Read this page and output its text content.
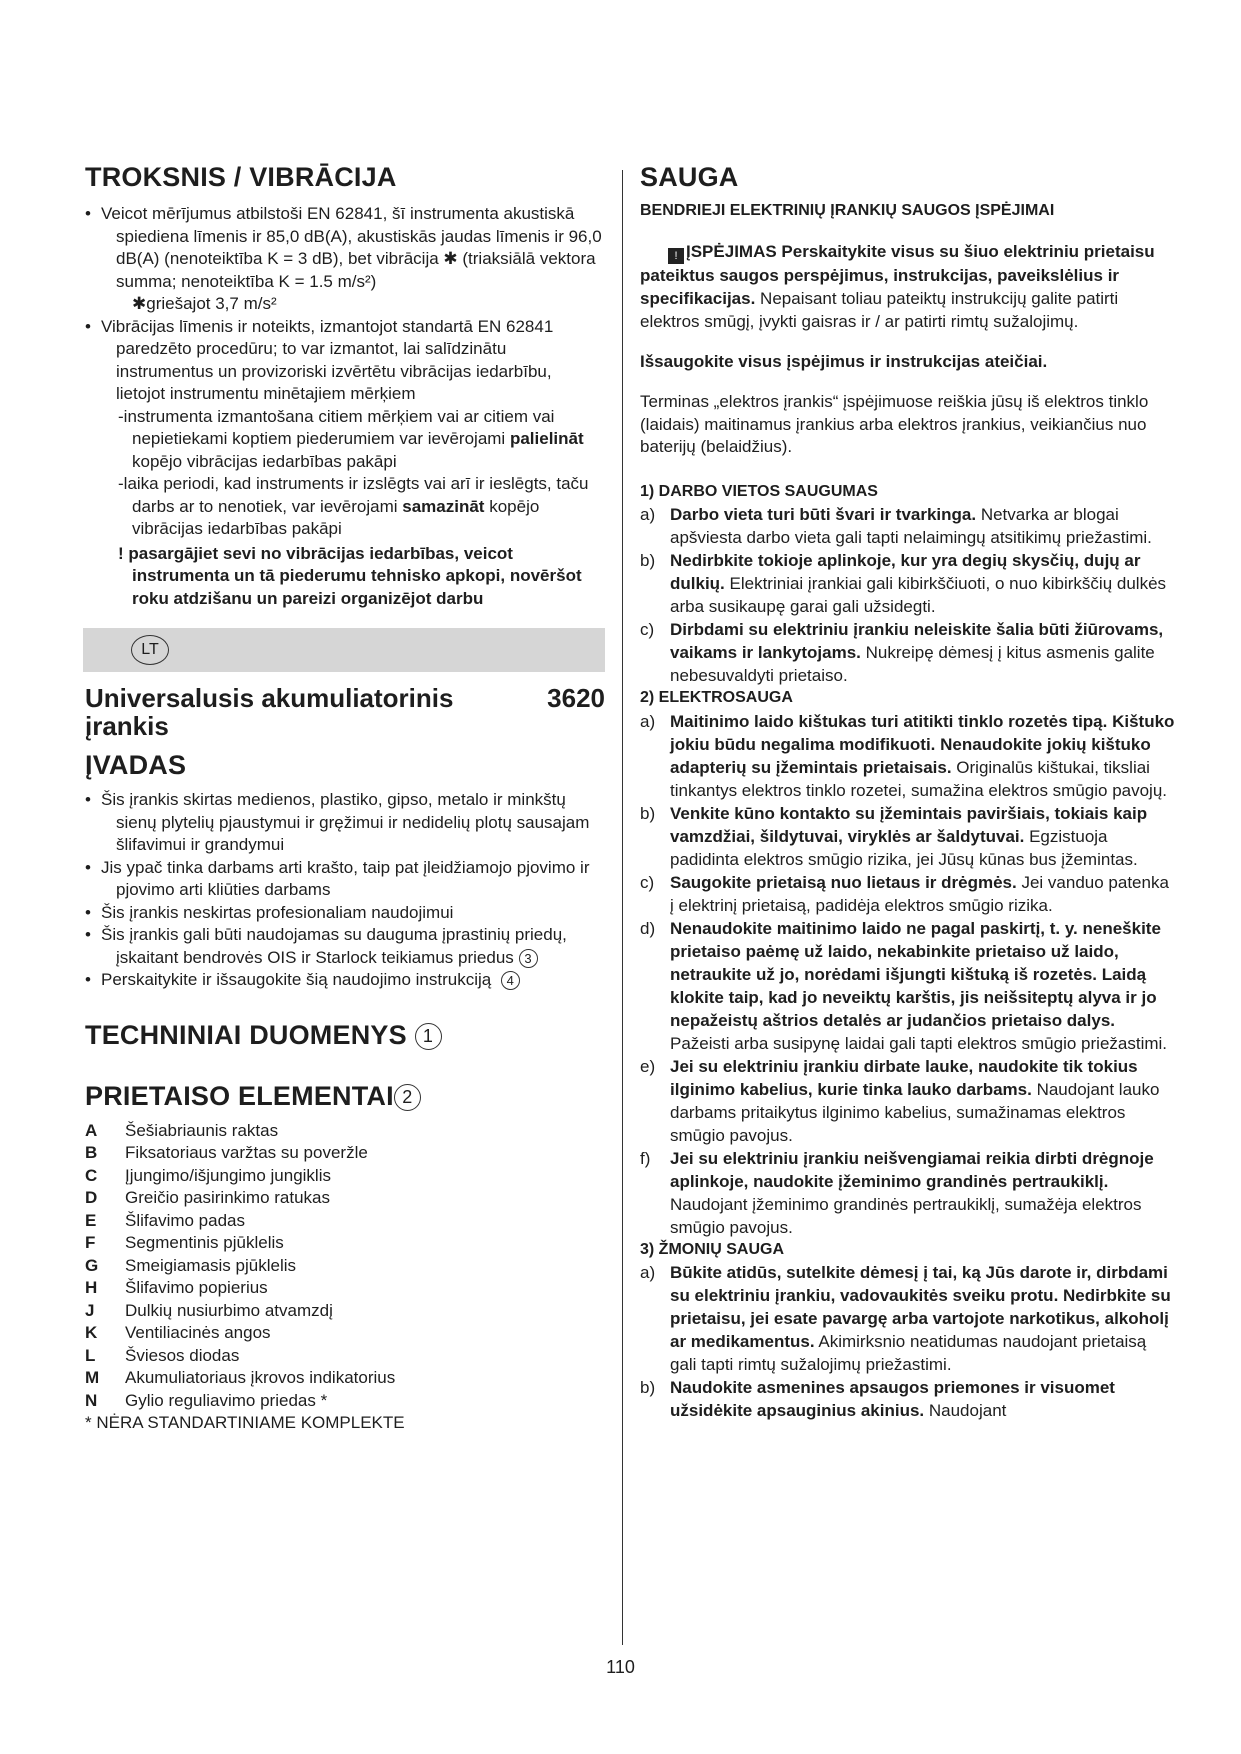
TROKSNIS / VIBRĀCIJA
• Veicot mērījumus atbilstoši EN 62841, šī instrumenta akustiskā spiediena līmenis ir 85,0 dB(A), akustiskās jaudas līmenis ir 96,0 dB(A) (nenoteiktība K = 3 dB), bet vibrācija ✱ (triaksiālā vektora summa; nenoteiktība K = 1.5 m/s²)

✱griešajot 3,7 m/s²

• Vibrācijas līmenis ir noteikts, izmantojot standartā EN 62841 paredzēto procedūru; to var izmantot, lai salīdzinātu instrumentus un provizoriski izvērtētu vibrācijas iedarbību, lietojot instrumentu minētajiem mērķiem

-instrumenta izmantošana citiem mērķiem vai ar citiem vai nepietiekami koptiem piederumiem var ievērojami palielināt kopējo vibrācijas iedarbības pakāpi

-laika periodi, kad instruments ir izslēgts vai arī ir ieslēgts, taču darbs ar to nenotiek, var ievērojami samazināt kopējo vibrācijas iedarbības pakāpi

! pasargājiet sevi no vibrācijas iedarbības, veicot instrumenta un tā piederumu tehnisko apkopi, novēršot roku atdzišanu un pareizi organizējot darbu

LT
Universalusis akumuliatorinis įrankis
3620
ĮVADAS
• Šis įrankis skirtas medienos, plastiko, gipso, metalo ir minkštų sienų plytelių pjaustymui ir gręžimui ir nedidelių plotų sausajam šlifavimui ir grandymui
• Jis ypač tinka darbams arti krašto, taip pat įleidžiamojo pjovimo ir pjovimo arti kliūties darbams
• Šis įrankis neskirtas profesionaliam naudojimui
• Šis įrankis gali būti naudojamas su dauguma įprastinių priedų, įskaitant bendrovės OIS ir Starlock teikiamus priedus 3
• Perskaitykite ir išsaugokite šią naudojimo instrukciją 4
TECHNINIAI DUOMENYS 1
PRIETAISO ELEMENTAI 2
A	Šešiabriaunis raktas
B	Fiksatoriaus varžtas su poveržle
C	Įjungimo/išjungimo jungiklis
D	Greičio pasirinkimo ratukas
E	Šlifavimo padas
F	Segmentinis pjūklelis
G	Smeigiamasis pjūklelis
H	Šlifavimo popierius
J	Dulkių nusiurbimo atvamzdį
K	Ventiliacinės angos
L	Šviesos diodas
M	Akumuliatoriaus įkrovos indikatorius
N	Gylio reguliavimo priedas *

* NĖRA STANDARTINIAME KOMPLEKTE

SAUGA
BENDRIEJI ELEKTRINIŲ ĮRANKIŲ SAUGOS ĮSPĖJIMAI

! ĮSPĖJIMAS Perskaitykite visus su šiuo elektriniu prietaisu pateiktus saugos perspėjimus, instrukcijas, paveikslėlius ir specifikacijas. Nepaisant toliau pateiktų instrukcijų galite patirti elektros smūgį, įvykti gaisras ir / ar patirti rimtų sužalojimų.

Išsaugokite visus įspėjimus ir instrukcijas ateičiai.

Terminas „elektros įrankis“ įspėjimuose reiškia jūsų iš elektros tinklo (laidais) maitinamus įrankius arba elektros įrankius, veikiančius nuo baterijų (belaidžius).

1) DARBO VIETOS SAUGUMAS

a) Darbo vieta turi būti švari ir tvarkinga. Netvarka ar blogai apšviesta darbo vieta gali tapti nelaimingų atsitikimų priežastimi.

b) Nedirbkite tokioje aplinkoje, kur yra degių skysčių, dujų ar dulkių. Elektriniai įrankiai gali kibirkščiuoti, o nuo kibirkščių dulkės arba susikaupę garai gali užsidegti.

c) Dirbdami su elektriniu įrankiu neleiskite šalia būti žiūrovams, vaikams ir lankytojams. Nukreipę dėmesį į kitus asmenis galite nebesuvaldyti prietaiso.

2) ELEKTROSAUGA

a) Maitinimo laido kištukas turi atitikti tinklo rozetės tipą. Kištuko jokiu būdu negalima modifikuoti. Nenaudokite jokių kištuko adapterių su įžemintais prietaisais. Originalūs kištukai, tiksliai tinkantys elektros tinklo rozetei, sumažina elektros smūgio pavojų.

b) Venkite kūno kontakto su įžemintais paviršiais, tokiais kaip vamzdžiai, šildytuvai, viryklės ar šaldytuvai. Egzistuoja padidinta elektros smūgio rizika, jei Jūsų kūnas bus įžemintas.

c) Saugokite prietaisą nuo lietaus ir drėgmės. Jei vanduo patenka į elektrinį prietaisą, padidėja elektros smūgio rizika.

d) Nenaudokite maitinimo laido ne pagal paskirtį, t. y. neneškite prietaiso paėmę už laido, nekabinkite prietaiso už laido, netraukite už jo, norėdami išjungti kištuką iš rozetės. Laidą klokite taip, kad jo neveiktų karštis, jis neišsiteptų alyva ir jo nepažeistų aštrios detalės ar judančios prietaiso dalys. Pažeisti arba susipynę laidai gali tapti elektros smūgio priežastimi.

e) Jei su elektriniu įrankiu dirbate lauke, naudokite tik tokius ilginimo kabelius, kurie tinka lauko darbams. Naudojant lauko darbams pritaikytus ilginimo kabelius, sumažinamas elektros smūgio pavojus.

f) Jei su elektriniu įrankiu neišvengiamai reikia dirbti drėgnoje aplinkoje, naudokite įžeminimo grandinės pertraukiklį. Naudojant įžeminimo grandinės pertraukiklį, sumažėja elektros smūgio pavojus.

3) ŽMONIŲ SAUGA

a) Būkite atidūs, sutelkite dėmesį į tai, ką Jūs darote ir, dirbdami su elektriniu įrankiu, vadovaukitės sveiku protu. Nedirbkite su prietaisu, jei esate pavargę arba vartojote narkotikus, alkoholį ar medikamentus. Akimirksnio neatidumas naudojant prietaisą gali tapti rimtų sužalojimų priežastimi.

b) Naudokite asmenines apsaugos priemones ir visuomet užsidėkite apsauginius akinius. Naudojant

110
